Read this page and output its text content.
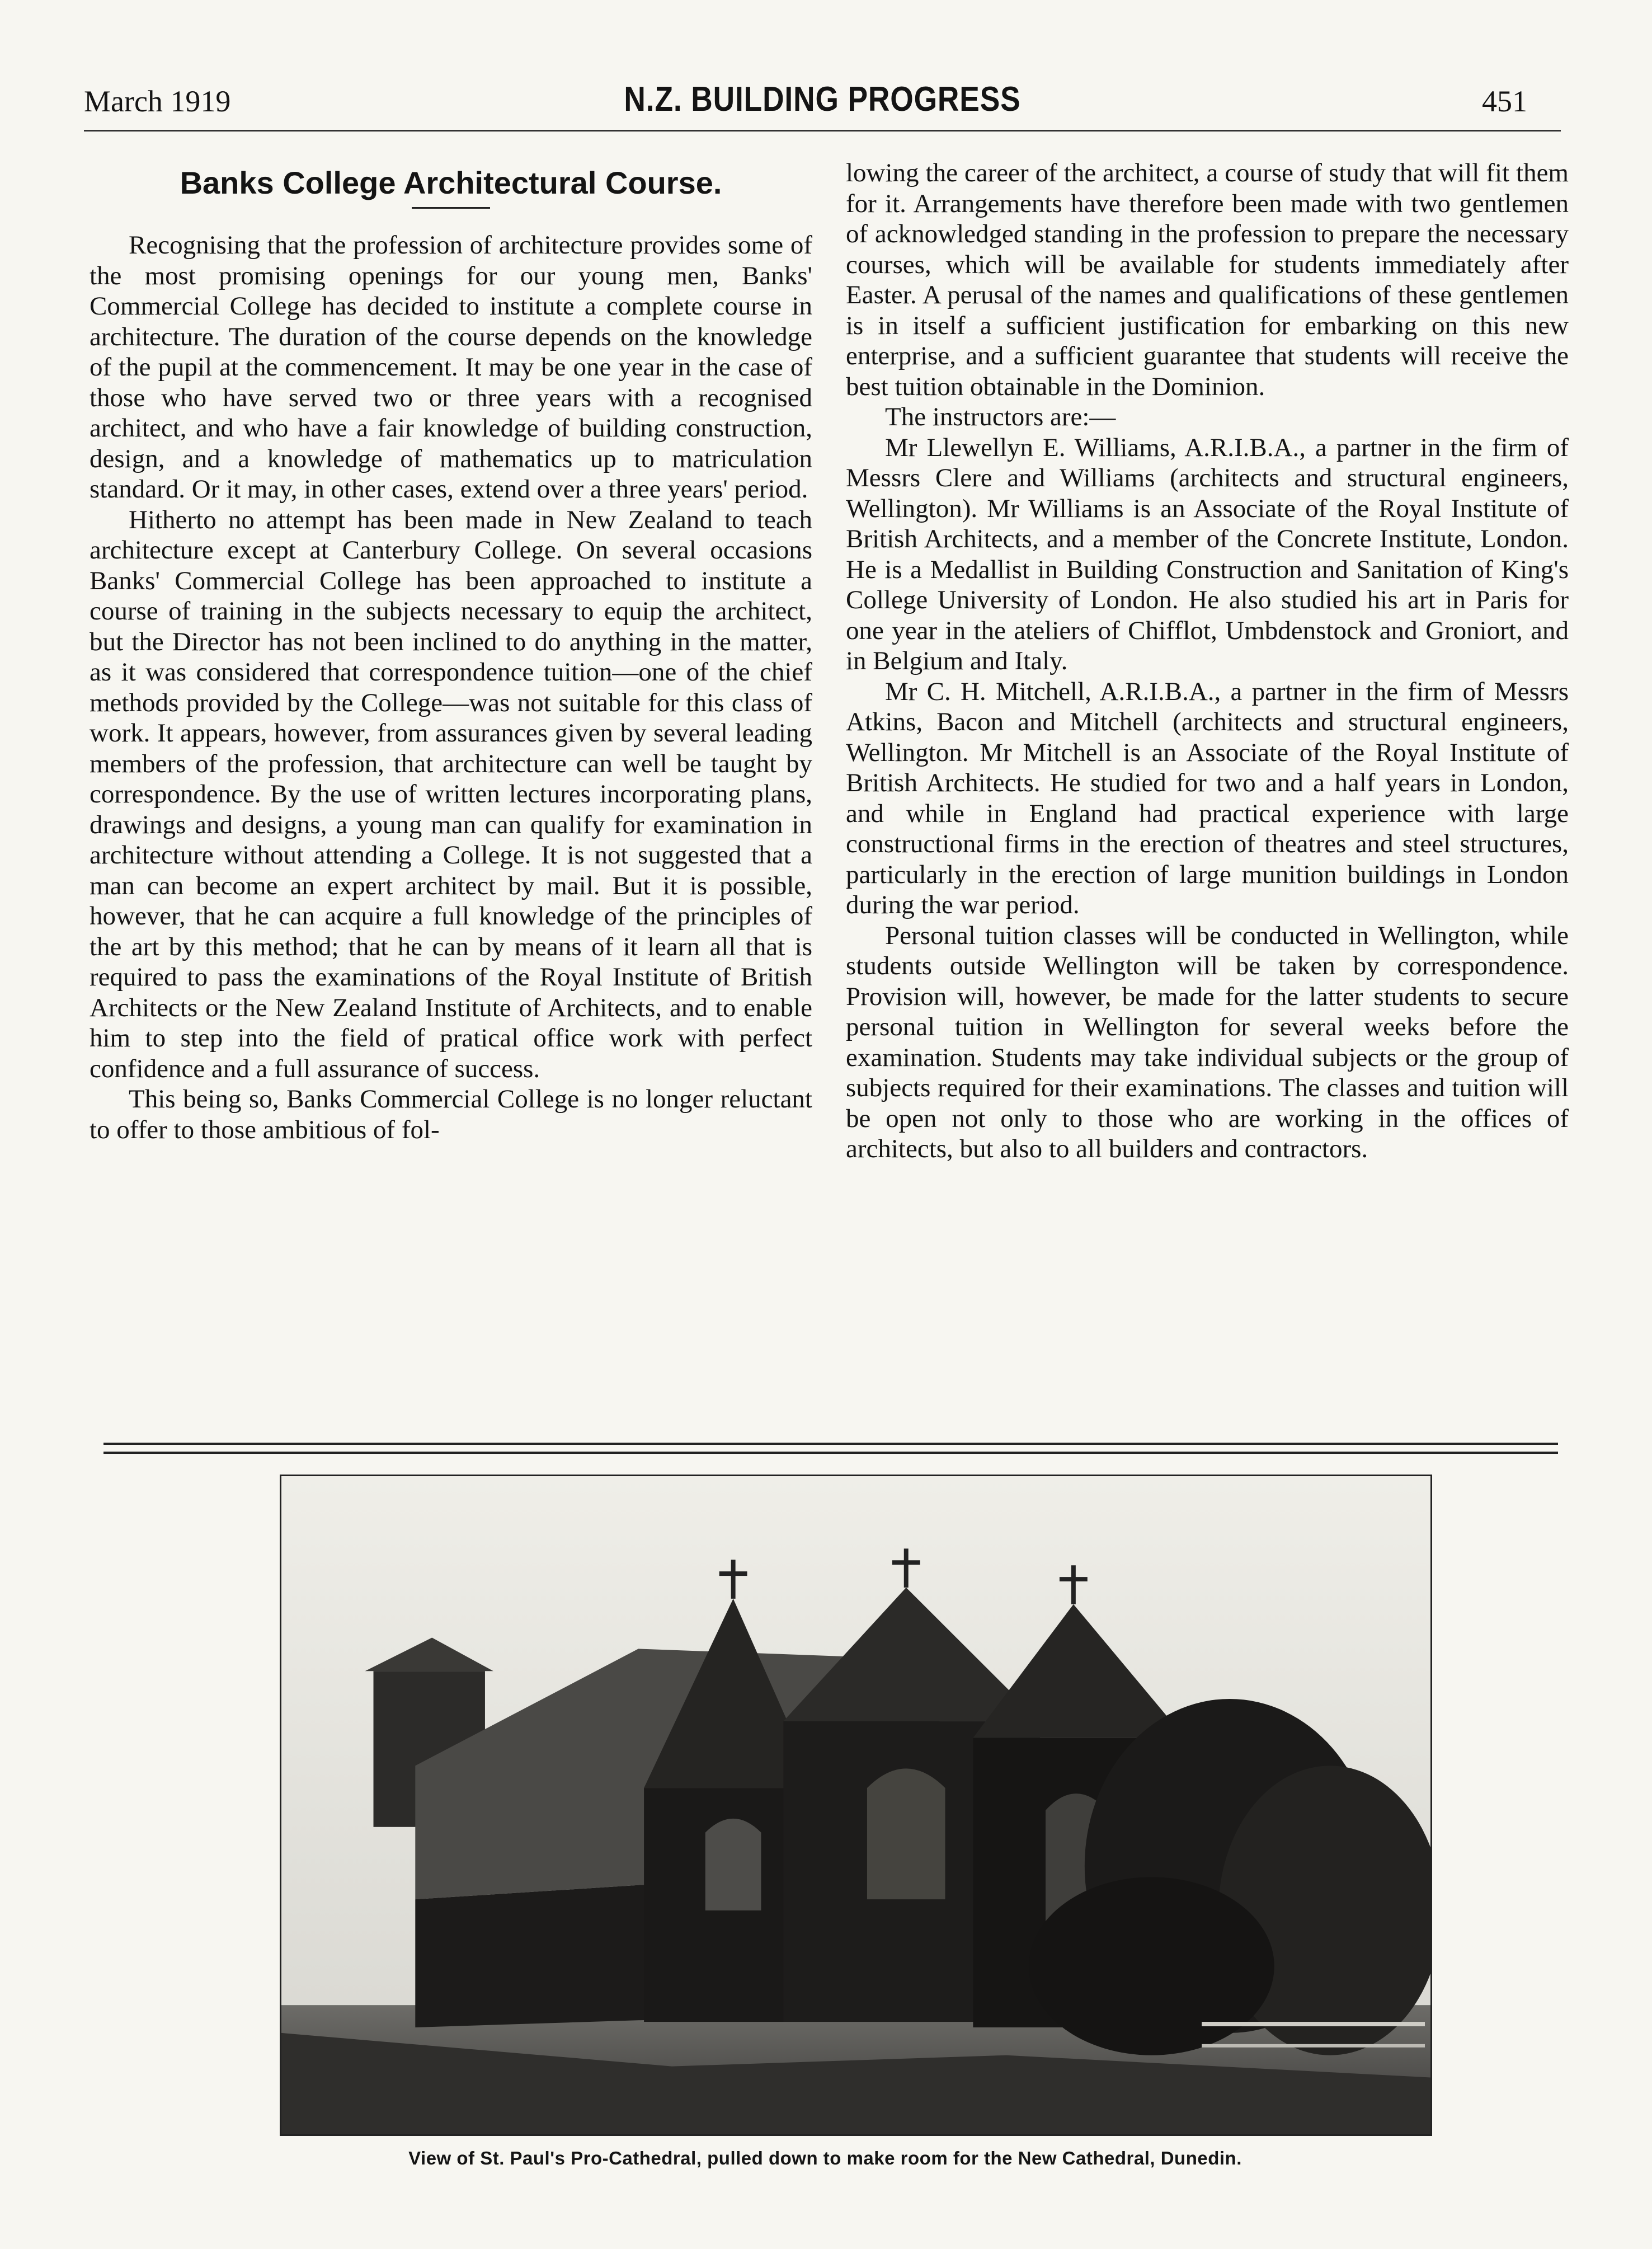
March 1919	N.Z. BUILDING PROGRESS	451
Banks College Architectural Course.

Recognising that the profession of architecture provides some of the most promising openings for our young men, Banks' Commercial College has decided to institute a complete course in architecture. The duration of the course depends on the knowledge of the pupil at the commencement. It may be one year in the case of those who have served two or three years with a recognised architect, and who have a fair knowledge of building construction, design, and a knowledge of mathematics up to matriculation standard. Or it may, in other cases, extend over a three years' period.

Hitherto no attempt has been made in New Zealand to teach architecture except at Canterbury College. On several occasions Banks' Commercial College has been approached to institute a course of training in the subjects necessary to equip the architect, but the Director has not been inclined to do anything in the matter, as it was considered that correspondence tuition—one of the chief methods provided by the College—was not suitable for this class of work. It appears, however, from assurances given by several leading members of the profession, that architecture can well be taught by correspondence. By the use of written lectures incorporating plans, drawings and designs, a young man can qualify for examination in architecture without attending a College. It is not suggested that a man can become an expert architect by mail. But it is possible, however, that he can acquire a full knowledge of the principles of the art by this method; that he can by means of it learn all that is required to pass the examinations of the Royal Institute of British Architects or the New Zealand Institute of Architects, and to enable him to step into the field of pratical office work with perfect confidence and a full assurance of success.

This being so, Banks Commercial College is no longer reluctant to offer to those ambitious of fol-

lowing the career of the architect, a course of study that will fit them for it. Arrangements have therefore been made with two gentlemen of acknowledged standing in the profession to prepare the necessary courses, which will be available for students immediately after Easter. A perusal of the names and qualifications of these gentlemen is in itself a sufficient justification for embarking on this new enterprise, and a sufficient guarantee that students will receive the best tuition obtainable in the Dominion.

The instructors are:—

Mr Llewellyn E. Williams, A.R.I.B.A., a partner in the firm of Messrs Clere and Williams (architects and structural engineers, Wellington). Mr Williams is an Associate of the Royal Institute of British Architects, and a member of the Concrete Institute, London. He is a Medallist in Building Construction and Sanitation of King's College University of London. He also studied his art in Paris for one year in the ateliers of Chifflot, Umbdenstock and Groniort, and in Belgium and Italy.

Mr C. H. Mitchell, A.R.I.B.A., a partner in the firm of Messrs Atkins, Bacon and Mitchell (architects and structural engineers, Wellington. Mr Mitchell is an Associate of the Royal Institute of British Architects. He studied for two and a half years in London, and while in England had practical experience with large constructional firms in the erection of theatres and steel structures, particularly in the erection of large munition buildings in London during the war period.

Personal tuition classes will be conducted in Wellington, while students outside Wellington will be taken by correspondence. Provision will, however, be made for the latter students to secure personal tuition in Wellington for several weeks before the examination. Students may take individual subjects or the group of subjects required for their examinations. The classes and tuition will be open not only to those who are working in the offices of architects, but also to all builders and contractors.

View of St. Paul's Pro-Cathedral, pulled down to make room for the New Cathedral, Dunedin.
